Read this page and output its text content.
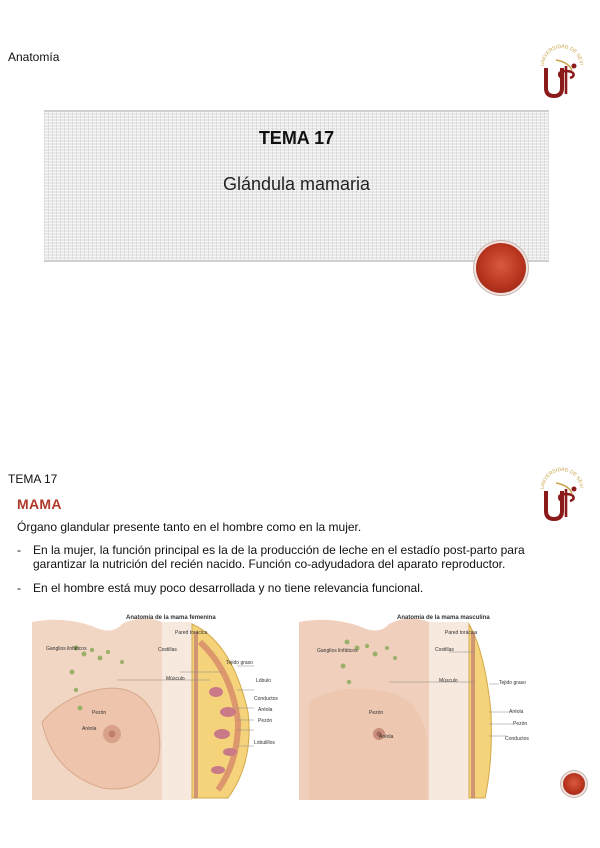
Anatomía
UNIVERSIDAD DE SEVI
TEMA 17
Glándula mamaria
TEMA 17
UNIVERSIDAD DE SEVI
MAMA
Órgano glandular presente tanto en el hombre como en la mujer.
- En la mujer, la función principal es la de la producción de leche en el estadío post-parto para garantizar la nutrición del recién nacido. Función co-adyudadora del aparato reproductor.
- En el hombre está muy poco desarrollada y no tiene relevancia funcional.
Anatomía de la mama femenina
Pared torácica
Costillas
Ganglios linfáticos
Tejido graso
Lóbulo
Músculo
Conductos
Aréola
Pezón
Lobulillos
Pezón
Aréola
Anatomía de la mama masculina
Pared torácica
Costillas
Ganglios linfáticos
Músculo	Tejido graso
Aréola
Pezón
Conductos
Pezón
Aréola
